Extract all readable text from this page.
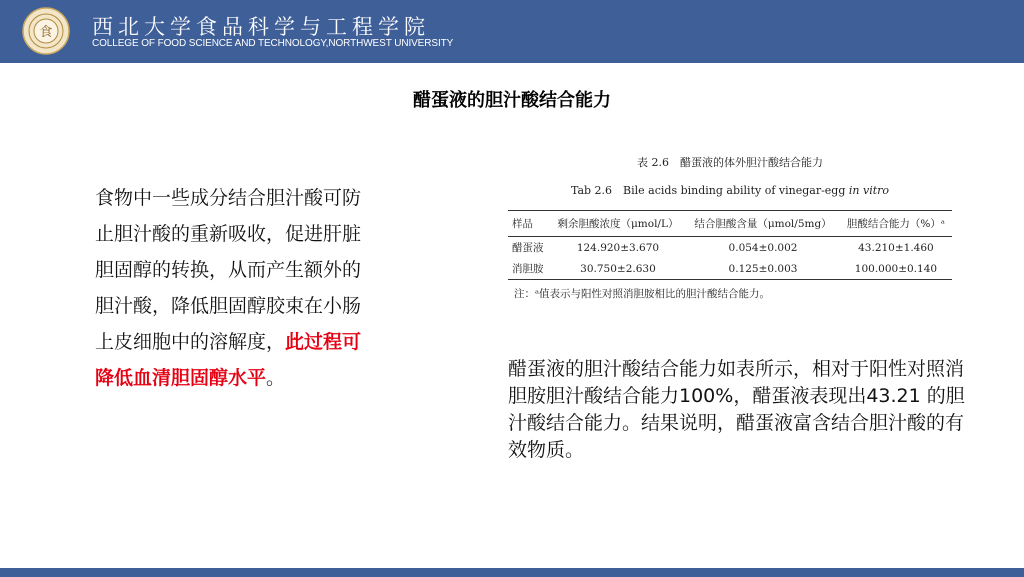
食 西北大学食品科学与工程学院
COLLEGE OF FOOD SCIENCE AND TECHNOLOGY,NORTHWEST UNIVERSITY
醋蛋液的胆汁酸结合能力
食物中一些成分结合胆汁酸可防止胆汁酸的重新吸收，促进肝脏胆固醇的转换，从而产生额外的胆汁酸，降低胆固醇胶束在小肠上皮细胞中的溶解度，此过程可降低血清胆固醇水平。
表 2.6　醋蛋液的体外胆汁酸结合能力
Tab 2.6　Bile acids binding ability of vinegar-egg in vitro
样品	剩余胆酸浓度（μmol/L）	结合胆酸含量（μmol/5mg）	胆酸结合能力（%）ᵃ
醋蛋液	124.920±3.670	0.054±0.002	43.210±1.460
消胆胺	30.750±2.630	0.125±0.003	100.000±0.140
注：ᵃ值表示与阳性对照消胆胺相比的胆汁酸结合能力。
醋蛋液的胆汁酸结合能力如表所示，相对于阳性对照消胆胺胆汁酸结合能力100%，醋蛋液表现出43.21 的胆汁酸结合能力。结果说明，醋蛋液富含结合胆汁酸的有效物质。
